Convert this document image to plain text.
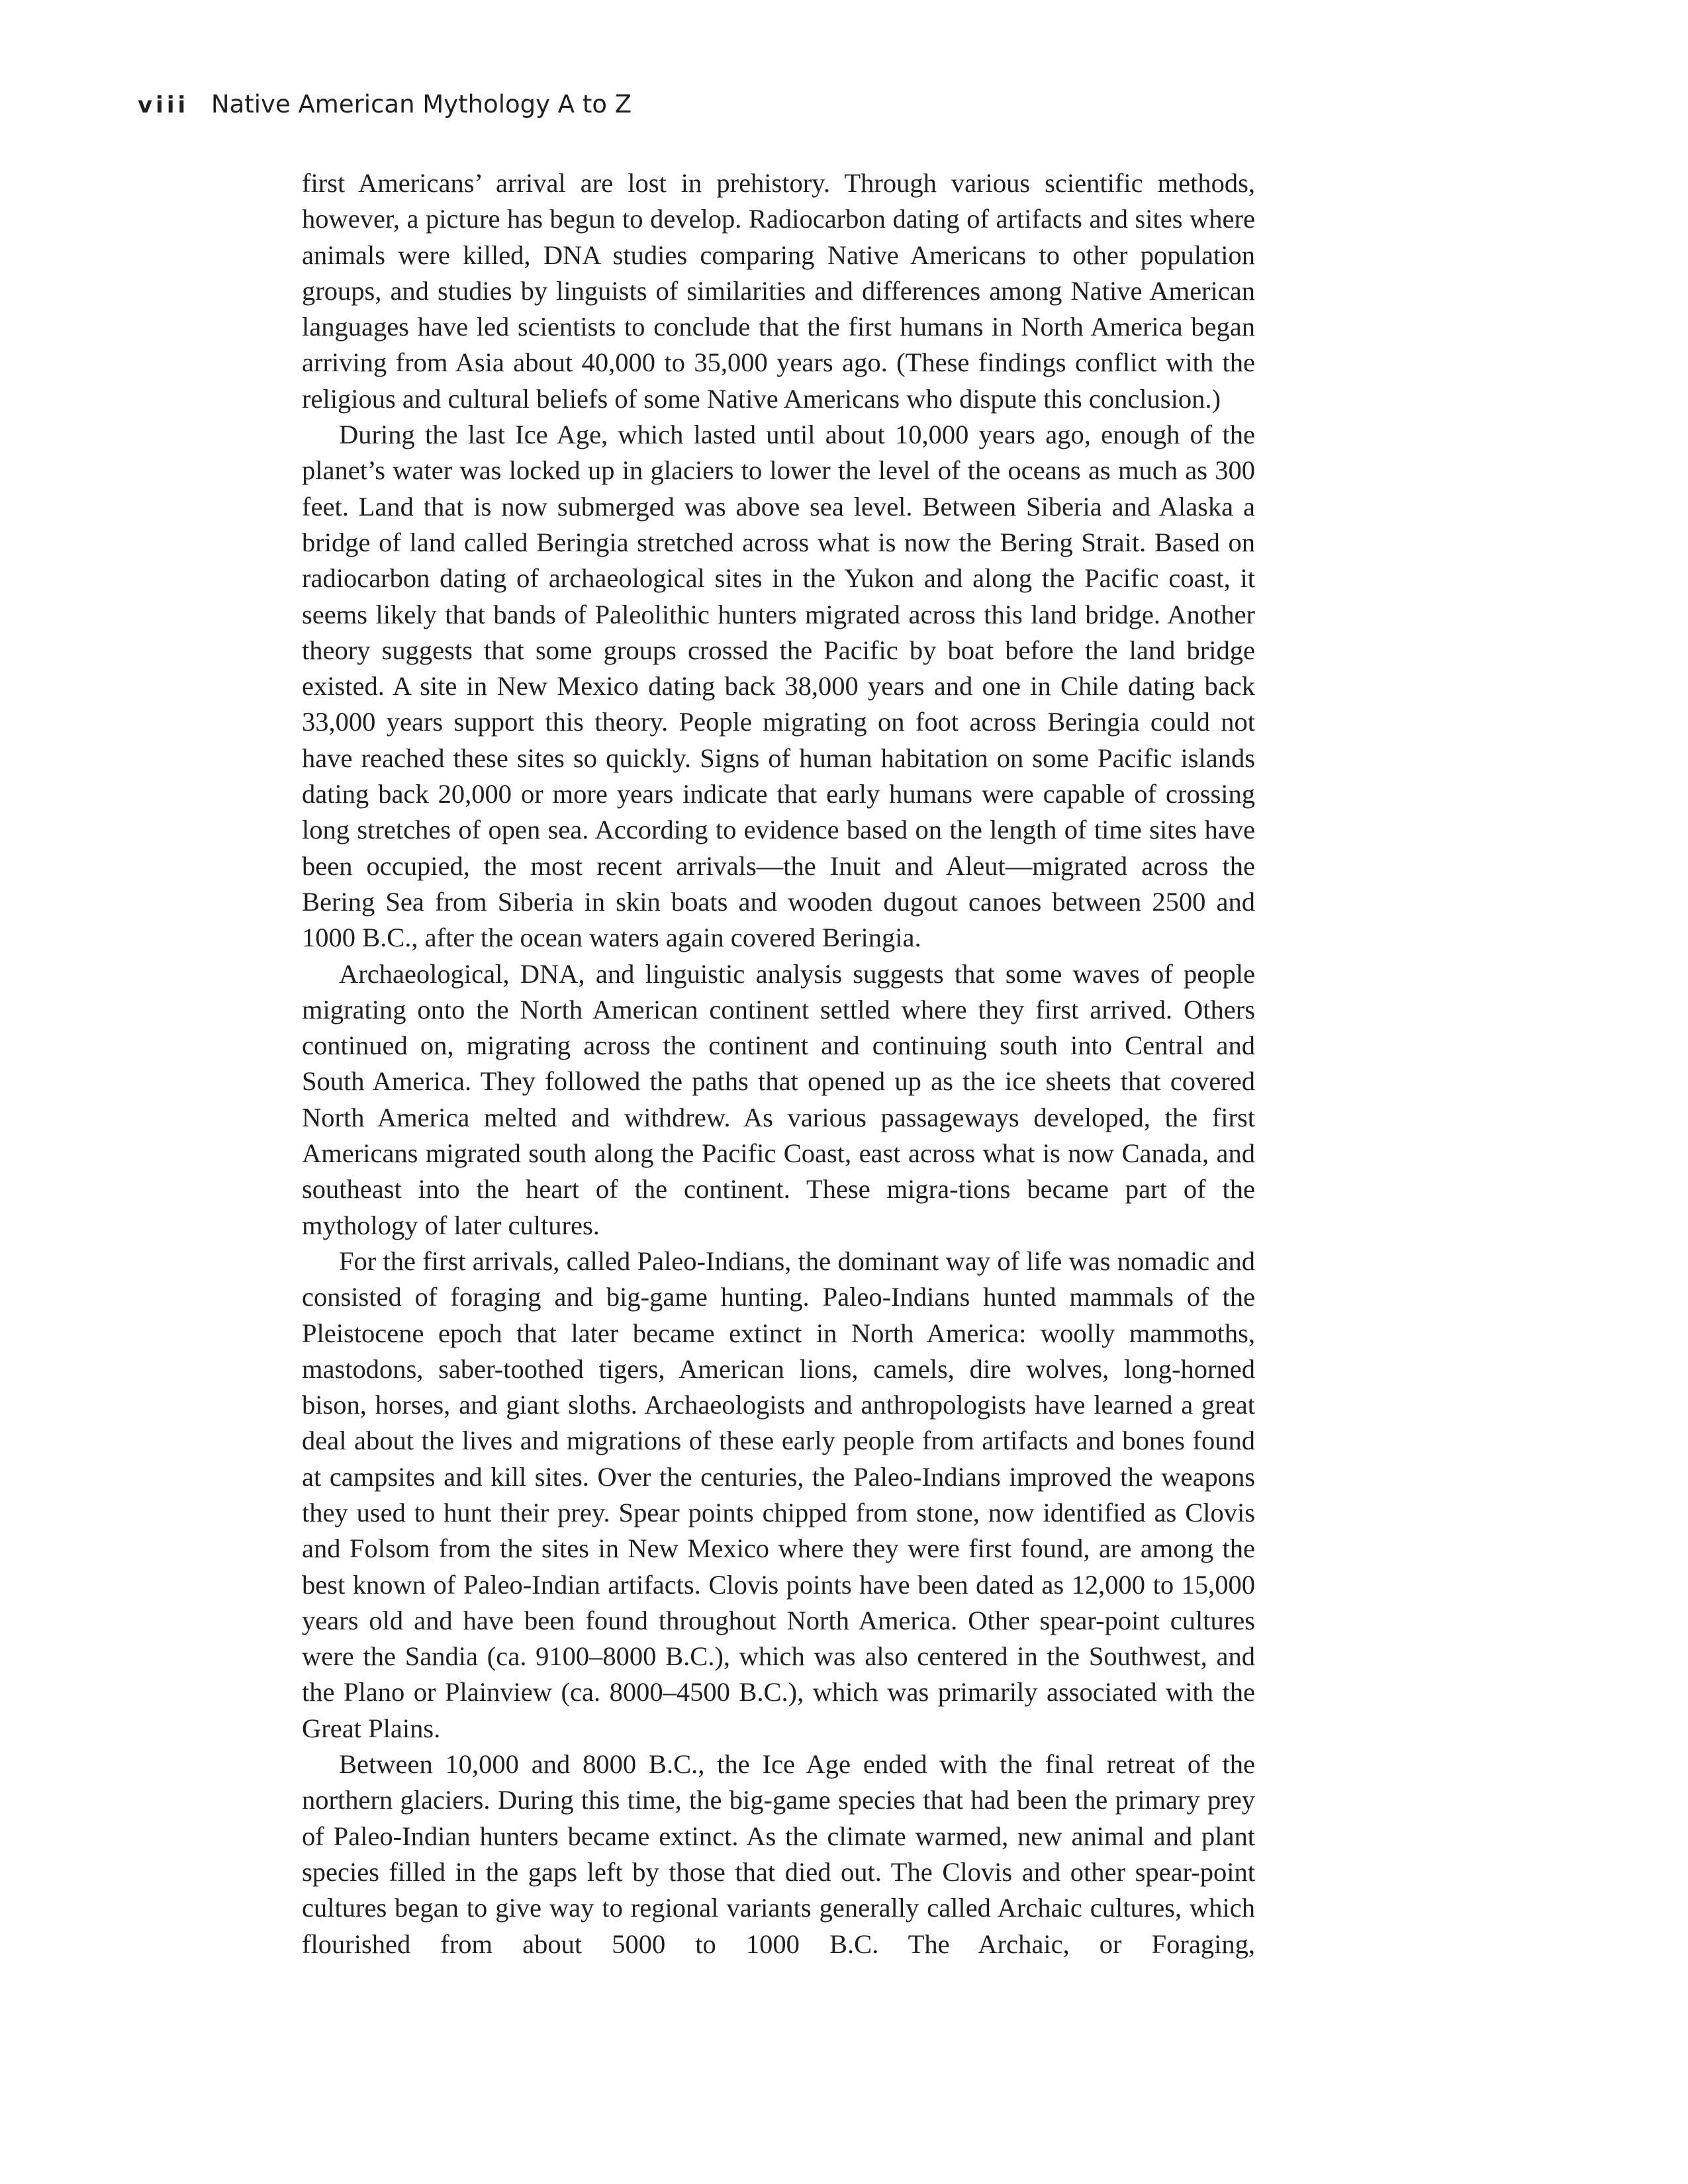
viii Native American Mythology A to Z

first Americans’ arrival are lost in prehistory. Through various scientific methods, however, a picture has begun to develop. Radiocarbon dating of artifacts and sites where animals were killed, DNA studies comparing Native Americans to other population groups, and studies by linguists of similarities and differences among Native American languages have led scientists to conclude that the first humans in North America began arriving from Asia about 40,000 to 35,000 years ago. (These findings conflict with the religious and cultural beliefs of some Native Americans who dispute this conclusion.)

During the last Ice Age, which lasted until about 10,000 years ago, enough of the planet’s water was locked up in glaciers to lower the level of the oceans as much as 300 feet. Land that is now submerged was above sea level. Between Siberia and Alaska a bridge of land called Beringia stretched across what is now the Bering Strait. Based on radiocarbon dating of archaeological sites in the Yukon and along the Pacific coast, it seems likely that bands of Paleolithic hunters migrated across this land bridge. Another theory suggests that some groups crossed the Pacific by boat before the land bridge existed. A site in New Mexico dating back 38,000 years and one in Chile dating back 33,000 years support this theory. People migrating on foot across Beringia could not have reached these sites so quickly. Signs of human habitation on some Pacific islands dating back 20,000 or more years indicate that early humans were capable of crossing long stretches of open sea. According to evidence based on the length of time sites have been occupied, the most recent arrivals—the Inuit and Aleut—migrated across the Bering Sea from Siberia in skin boats and wooden dugout canoes between 2500 and 1000 B.C., after the ocean waters again covered Beringia.

Archaeological, DNA, and linguistic analysis suggests that some waves of people migrating onto the North American continent settled where they first arrived. Others continued on, migrating across the continent and continuing south into Central and South America. They followed the paths that opened up as the ice sheets that covered North America melted and withdrew. As various passageways developed, the first Americans migrated south along the Pacific Coast, east across what is now Canada, and southeast into the heart of the continent. These migra-tions became part of the mythology of later cultures.

For the first arrivals, called Paleo-Indians, the dominant way of life was nomadic and consisted of foraging and big-game hunting. Paleo-Indians hunted mammals of the Pleistocene epoch that later became extinct in North America: woolly mammoths, mastodons, saber-toothed tigers, American lions, camels, dire wolves, long-horned bison, horses, and giant sloths. Archaeologists and anthropologists have learned a great deal about the lives and migrations of these early people from artifacts and bones found at campsites and kill sites. Over the centuries, the Paleo-Indians improved the weapons they used to hunt their prey. Spear points chipped from stone, now identified as Clovis and Folsom from the sites in New Mexico where they were first found, are among the best known of Paleo-Indian artifacts. Clovis points have been dated as 12,000 to 15,000 years old and have been found throughout North America. Other spear-point cultures were the Sandia (ca. 9100–8000 B.C.), which was also centered in the Southwest, and the Plano or Plainview (ca. 8000–4500 B.C.), which was primarily associated with the Great Plains.

Between 10,000 and 8000 B.C., the Ice Age ended with the final retreat of the northern glaciers. During this time, the big-game species that had been the primary prey of Paleo-Indian hunters became extinct. As the climate warmed, new animal and plant species filled in the gaps left by those that died out. The Clovis and other spear-point cultures began to give way to regional variants generally called Archaic cultures, which flourished from about 5000 to 1000 B.C. The Archaic, or Foraging,
